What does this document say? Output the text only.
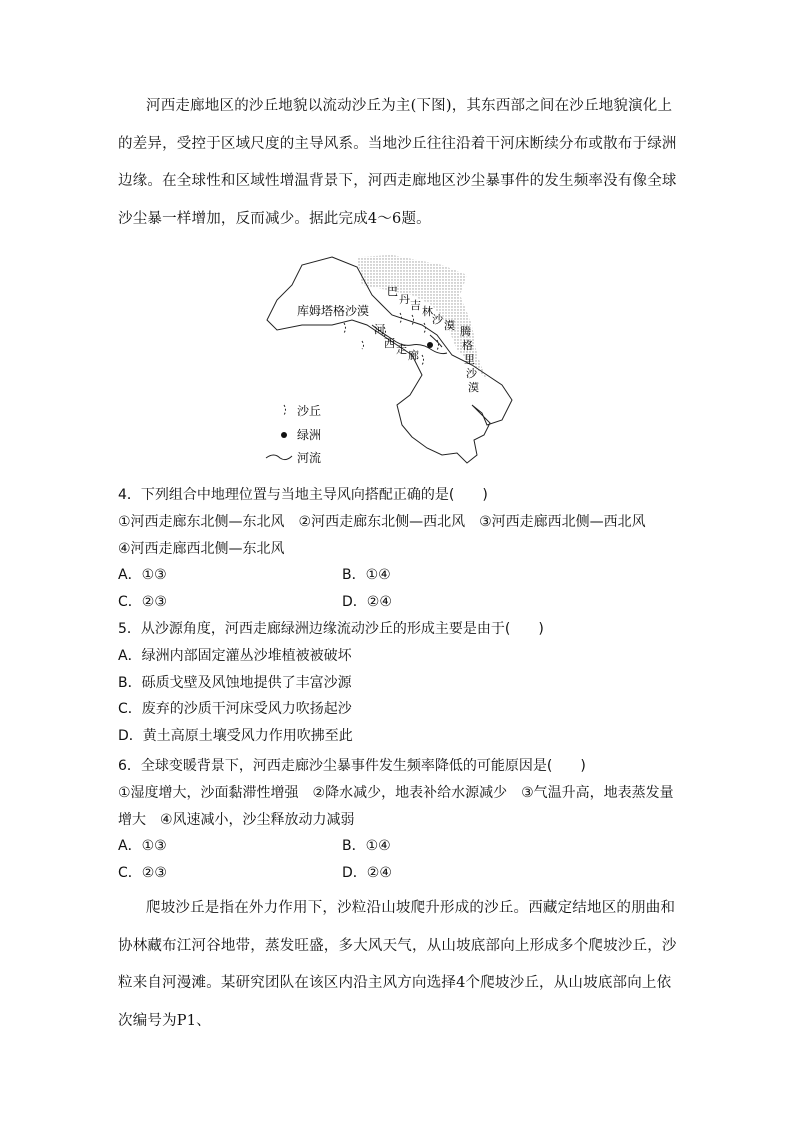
河西走廊地区的沙丘地貌以流动沙丘为主(下图)，其东西部之间在沙丘地貌演化上的差异，受控于区域尺度的主导风系。当地沙丘往往沿着干河床断续分布或散布于绿洲边缘。在全球性和区域性增温背景下，河西走廊地区沙尘暴事件的发生频率没有像全球沙尘暴一样增加，反而减少。据此完成4～6题。

库姆塔格沙漠
巴
丹 吉 林
沙 漠 腾
格
里
沙
漠
河
西 走 廊
沙丘
绿洲
河流
4．下列组合中地理位置与当地主导风向搭配正确的是(　　)
①河西走廊东北侧—东北风　②河西走廊东北侧—西北风　③河西走廊西北侧—西北风
④河西走廊西北侧—东北风
A．①③	B．①④
C．②③	D．②④
5．从沙源角度，河西走廊绿洲边缘流动沙丘的形成主要是由于(　　)
A．绿洲内部固定灌丛沙堆植被被破坏
B．砾质戈壁及风蚀地提供了丰富沙源
C．废弃的沙质干河床受风力吹扬起沙
D．黄土高原土壤受风力作用吹拂至此
6．全球变暖背景下，河西走廊沙尘暴事件发生频率降低的可能原因是(　　)
①湿度增大，沙面黏滞性增强　②降水减少，地表补给水源减少　③气温升高，地表蒸发量
增大　④风速减小，沙尘释放动力减弱
A．①③	B．①④
C．②③	D．②④

爬坡沙丘是指在外力作用下，沙粒沿山坡爬升形成的沙丘。西藏定结地区的朋曲和协林藏布江河谷地带，蒸发旺盛，多大风天气，从山坡底部向上形成多个爬坡沙丘，沙粒来自河漫滩。某研究团队在该区内沿主风方向选择4个爬坡沙丘，从山坡底部向上依次编号为P1、
